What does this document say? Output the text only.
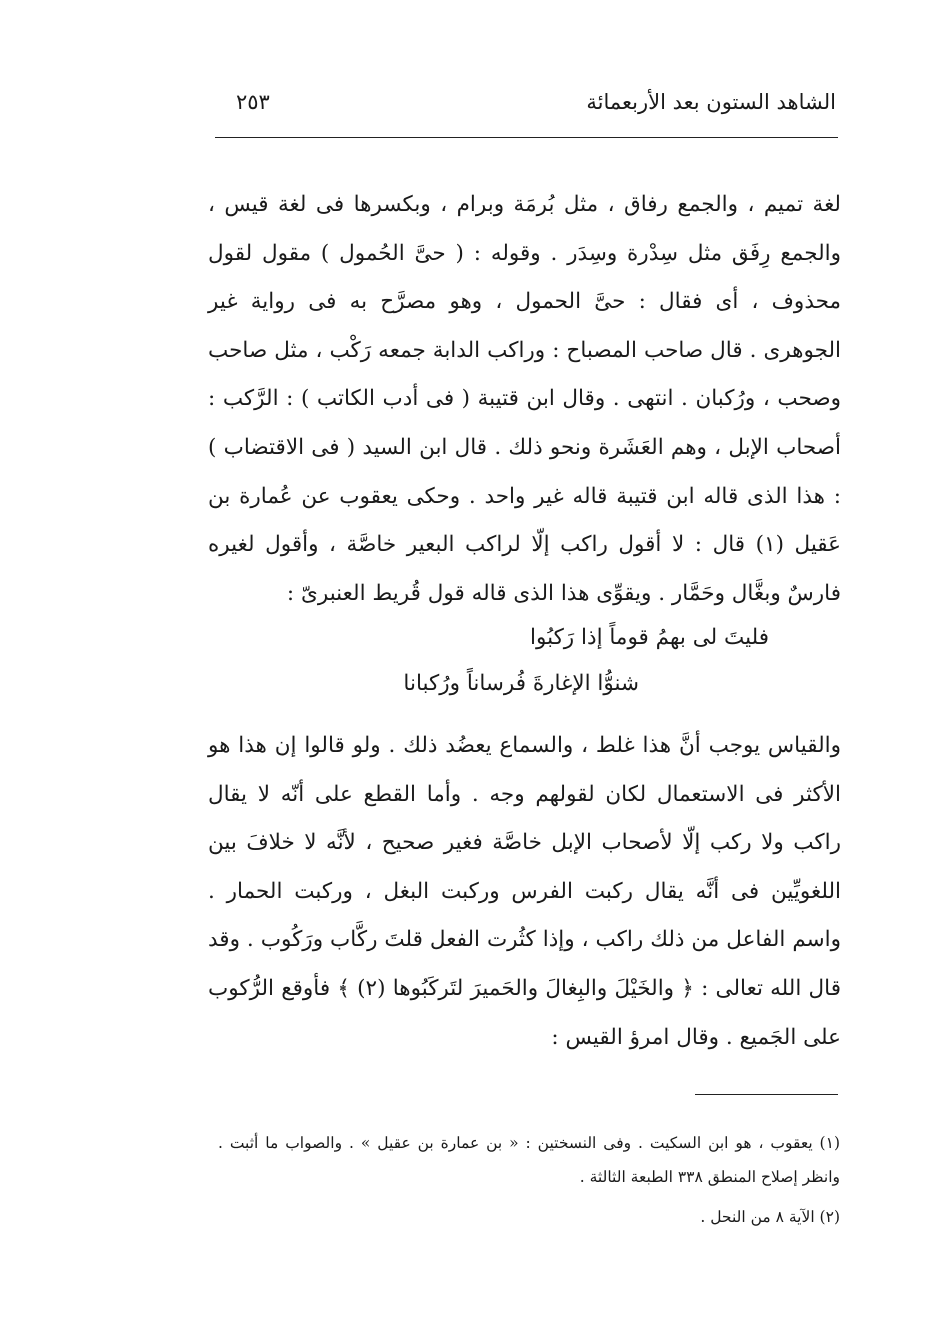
الشاهد الستون بعد الأربعمائة
٢٥٣

لغة تميم ، والجمع رفاق ، مثل بُرمَة وبرام ، وبكسرها فى لغة قيس ، والجمع رِفَق مثل سِدْرة وسِدَر . وقوله : ( حىَّ الحُمول ) مقول لقول محذوف ، أى فقال : حىَّ الحمول ، وهو مصرَّح به فى رواية غير الجوهرى . قال صاحب المصباح : وراكب الدابة جمعه رَكْب ، مثل صاحب وصحب ، ورُكبان . انتهى . وقال ابن قتيبة ( فى أدب الكاتب ) : الرَّكب : أصحاب الإبل ، وهم العَشَرة ونحو ذلك . قال ابن السيد ( فى الاقتضاب ) : هذا الذى قاله ابن قتيبة قاله غير واحد . وحكى يعقوب عن عُمارة بن عَقيل (١) قال : لا أقول راكب إلّا لراكب البعير خاصَّة ، وأقول لغيره فارسٌ وبغَّال وحَمَّار . ويقوِّى هذا الذى قاله قول قُريط العنبرىّ :

فليتَ لى بهمُ قوماً إذا رَكبُوا
شنوُّا الإغارةَ فُرساناً ورُكبانا

والقياس يوجب أنَّ هذا غلط ، والسماع يعضُد ذلك . ولو قالوا إن هذا هو الأكثر فى الاستعمال لكان لقولهم وجه . وأما القطع على أنّه لا يقال راكب ولا ركب إلّا لأصحاب الإبل خاصَّة فغير صحيح ، لأنَّه لا خلافَ بين اللغويِّين فى أنَّه يقال ركبت الفرس وركبت البغل ، وركبت الحمار . واسم الفاعل من ذلك راكب ، وإذا كثُرت الفعل قلتَ ركَّاب ورَكُوب . وقد قال الله تعالى : ﴿ والخَيْلَ والبِغالَ والحَميرَ لتَركَبُوها (٢) ﴾ فأوقع الرُّكوب على الجَميع . وقال امرؤ القيس :

(١) يعقوب ، هو ابن السكيت . وفى النسختين : « بن عمارة بن عقيل » . والصواب ما أثبت . وانظر إصلاح المنطق ٣٣٨ الطبعة الثالثة .

(٢) الآية ٨ من النحل .
